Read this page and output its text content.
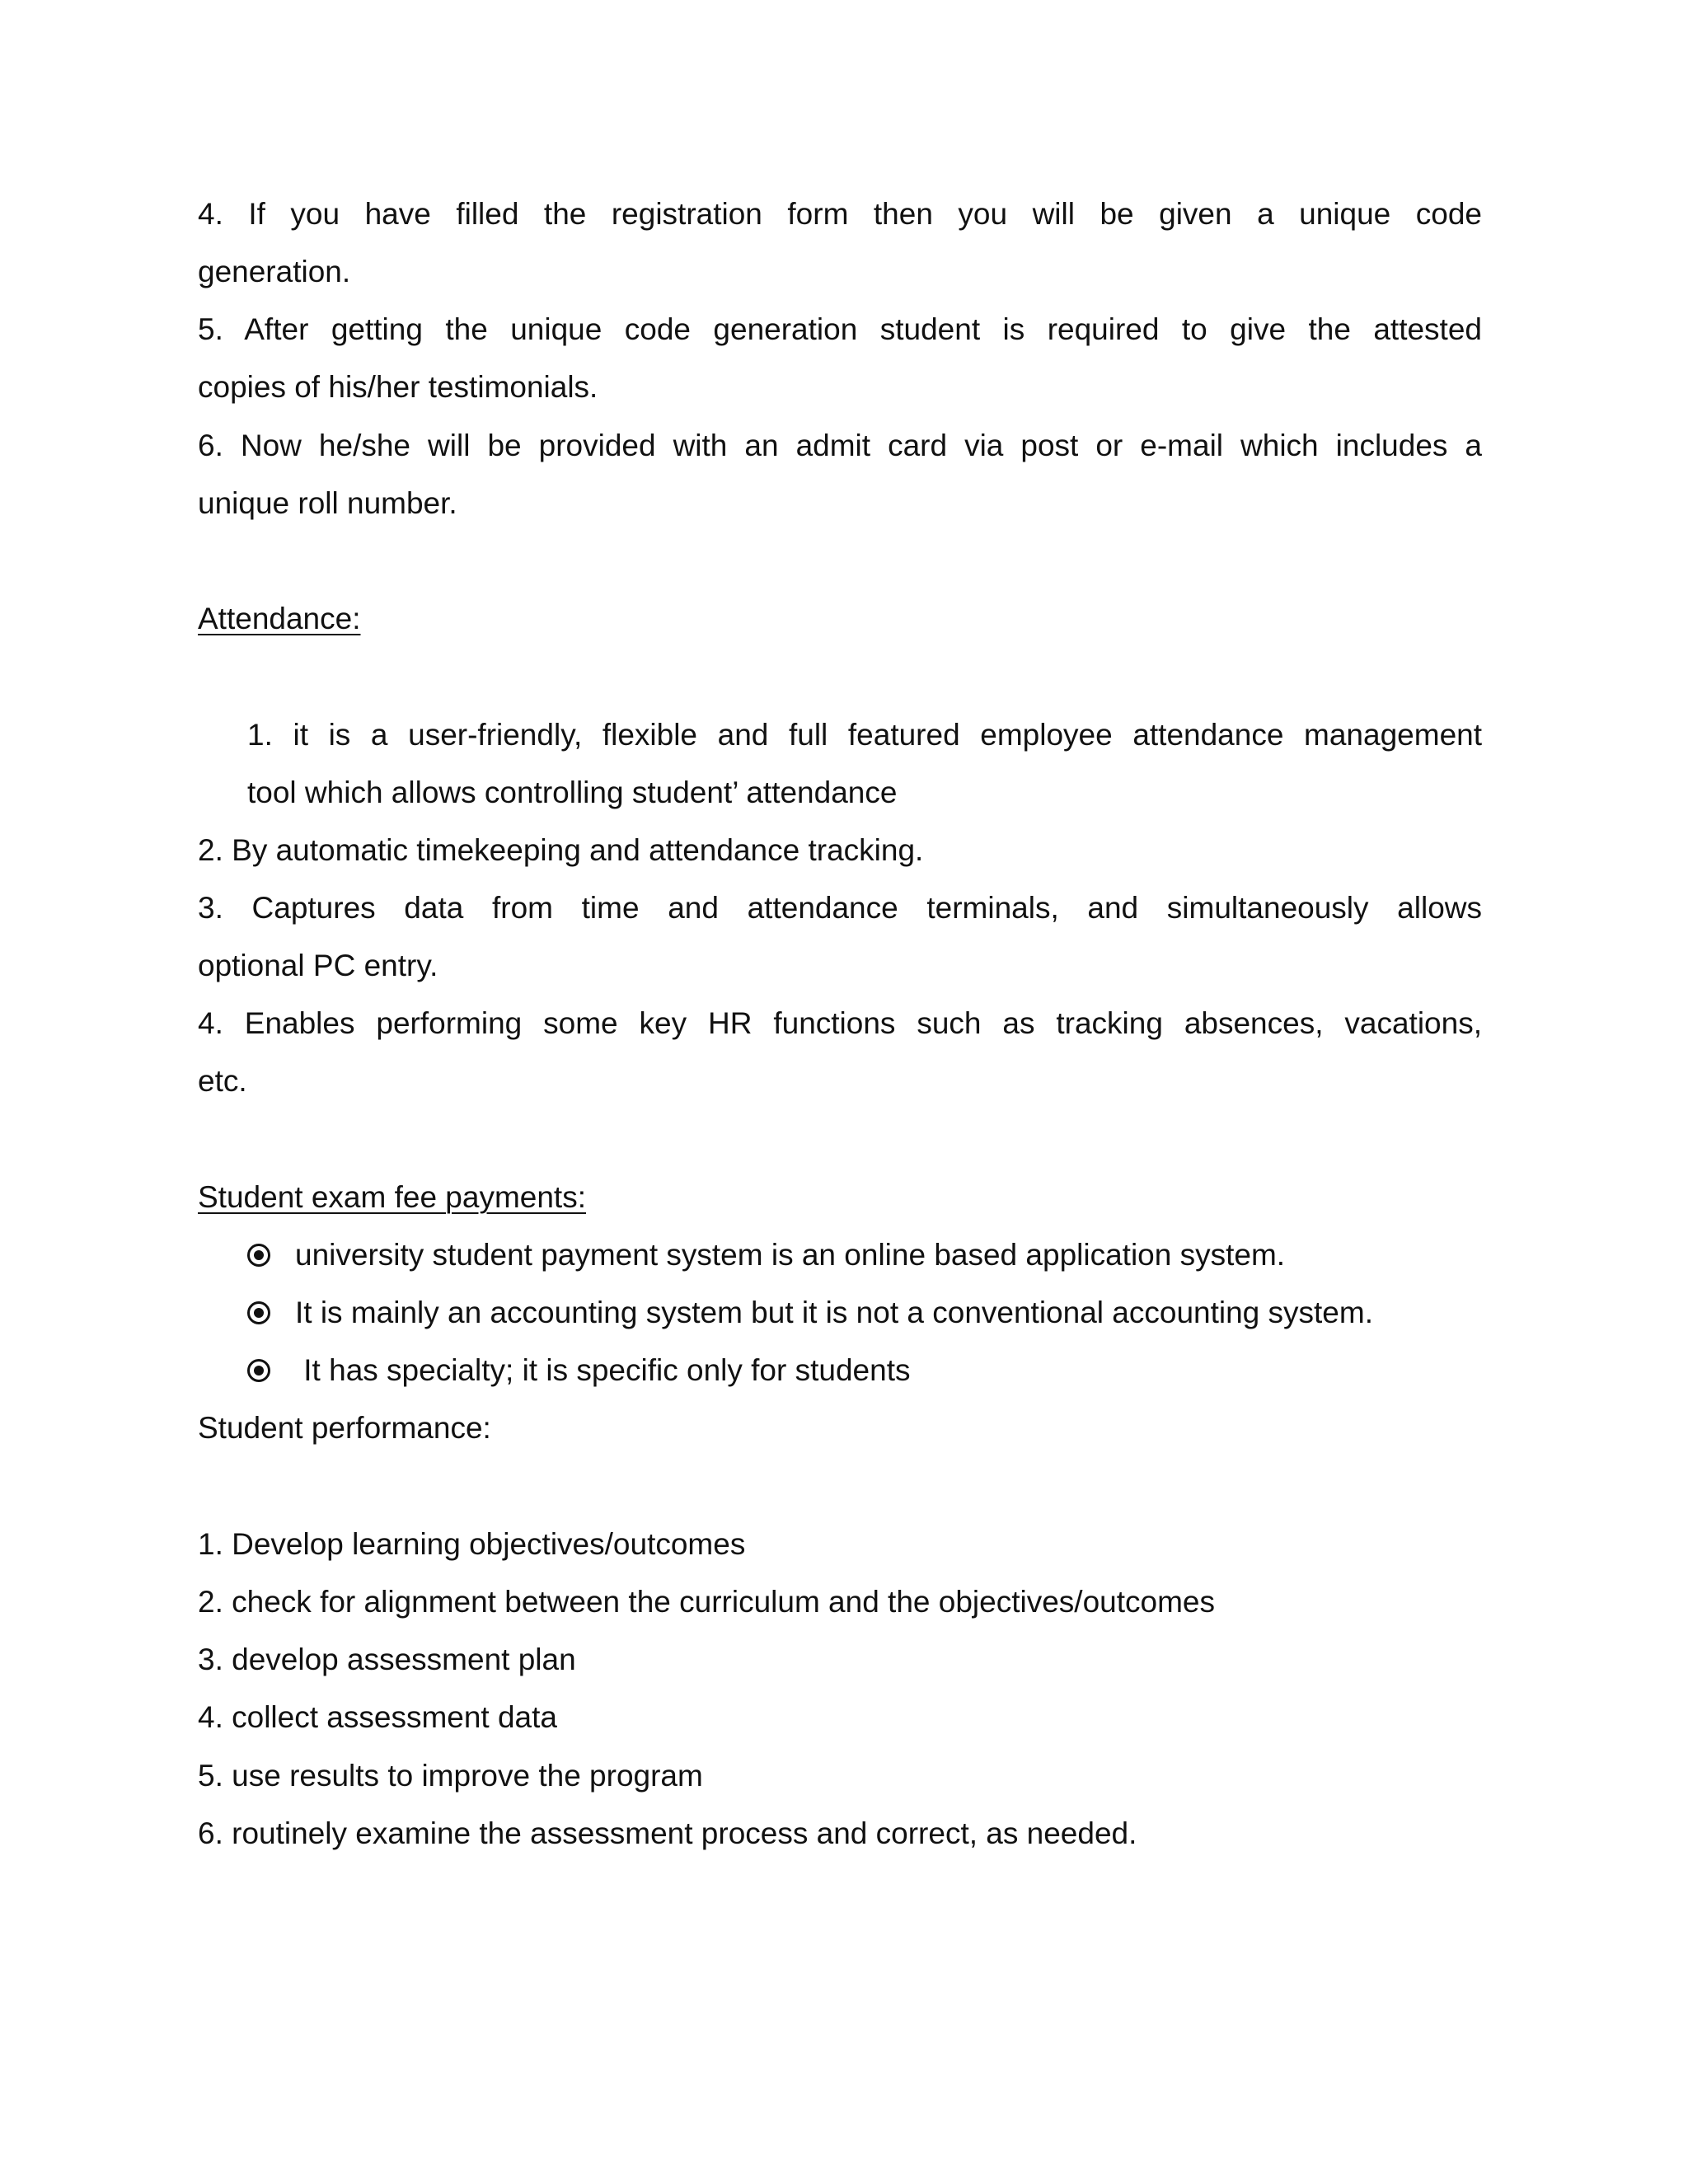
4. If you have filled the registration form then you will be given a unique code
generation.
5. After getting the unique code generation student is required to give the attested
copies of his/her testimonials.
6. Now he/she will be provided with an admit card via post or e-mail which includes a
unique roll number.
Attendance:
1. it is a user-friendly, flexible and full featured employee attendance management
tool which allows controlling student’ attendance
2. By automatic timekeeping and attendance tracking.
3. Captures data from time and attendance terminals, and simultaneously allows
optional PC entry.
4. Enables performing some key HR functions such as tracking absences, vacations,
etc.
Student exam fee payments:
university student payment system is an online based application system.
It is mainly an accounting system but it is not a conventional accounting system.
It has specialty; it is specific only for students
Student performance:
1. Develop learning objectives/outcomes
2. check for alignment between the curriculum and the objectives/outcomes
3. develop assessment plan
4. collect assessment data
5. use results to improve the program
6. routinely examine the assessment process and correct, as needed.
